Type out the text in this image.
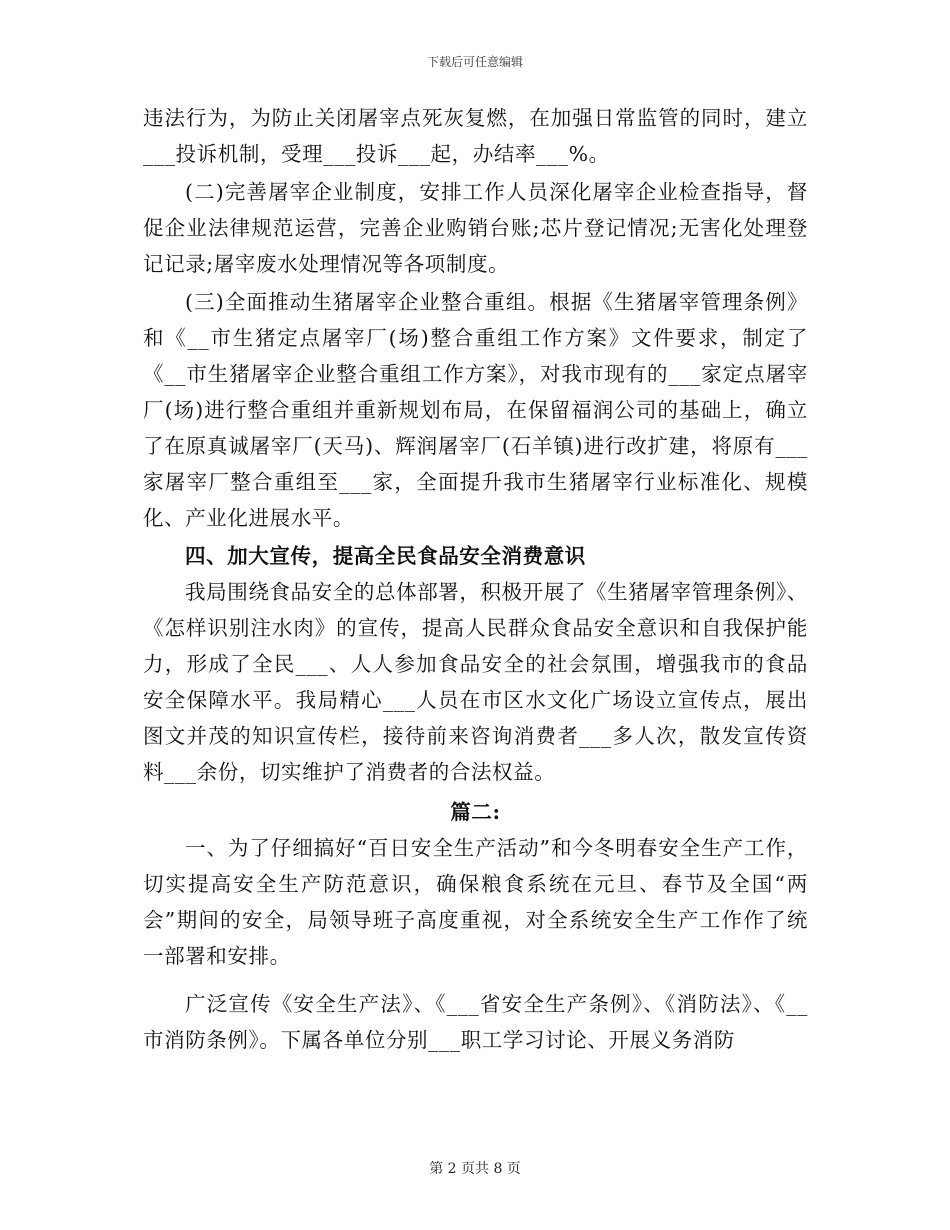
下载后可任意编辑

违法行为，为防止关闭屠宰点死灰复燃，在加强日常监管的同时，建立___投诉机制，受理___投诉___起，办结率___%。

(二)完善屠宰企业制度，安排工作人员深化屠宰企业检查指导，督促企业法律规范运营，完善企业购销台账;芯片登记情况;无害化处理登记记录;屠宰废水处理情况等各项制度。

(三)全面推动生猪屠宰企业整合重组。根据《生猪屠宰管理条例》和《__市生猪定点屠宰厂(场)整合重组工作方案》文件要求，制定了《__市生猪屠宰企业整合重组工作方案》，对我市现有的___家定点屠宰厂(场)进行整合重组并重新规划布局，在保留福润公司的基础上，确立了在原真诚屠宰厂(天马)、辉润屠宰厂(石羊镇)进行改扩建，将原有___家屠宰厂整合重组至___家，全面提升我市生猪屠宰行业标准化、规模化、产业化进展水平。

四、加大宣传，提高全民食品安全消费意识

我局围绕食品安全的总体部署，积极开展了《生猪屠宰管理条例》、《怎样识别注水肉》的宣传，提高人民群众食品安全意识和自我保护能力，形成了全民___、人人参加食品安全的社会氛围，增强我市的食品安全保障水平。我局精心___人员在市区水文化广场设立宣传点，展出图文并茂的知识宣传栏，接待前来咨询消费者___多人次，散发宣传资料___余份，切实维护了消费者的合法权益。

篇二:

一、为了仔细搞好“百日安全生产活动”和今冬明春安全生产工作，切实提高安全生产防范意识，确保粮食系统在元旦、春节及全国“两会”期间的安全，局领导班子高度重视，对全系统安全生产工作作了统一部署和安排。

广泛宣传《安全生产法》、《___省安全生产条例》、《消防法》、《__市消防条例》。下属各单位分别___职工学习讨论、开展义务消防

第 2 页共 8 页
